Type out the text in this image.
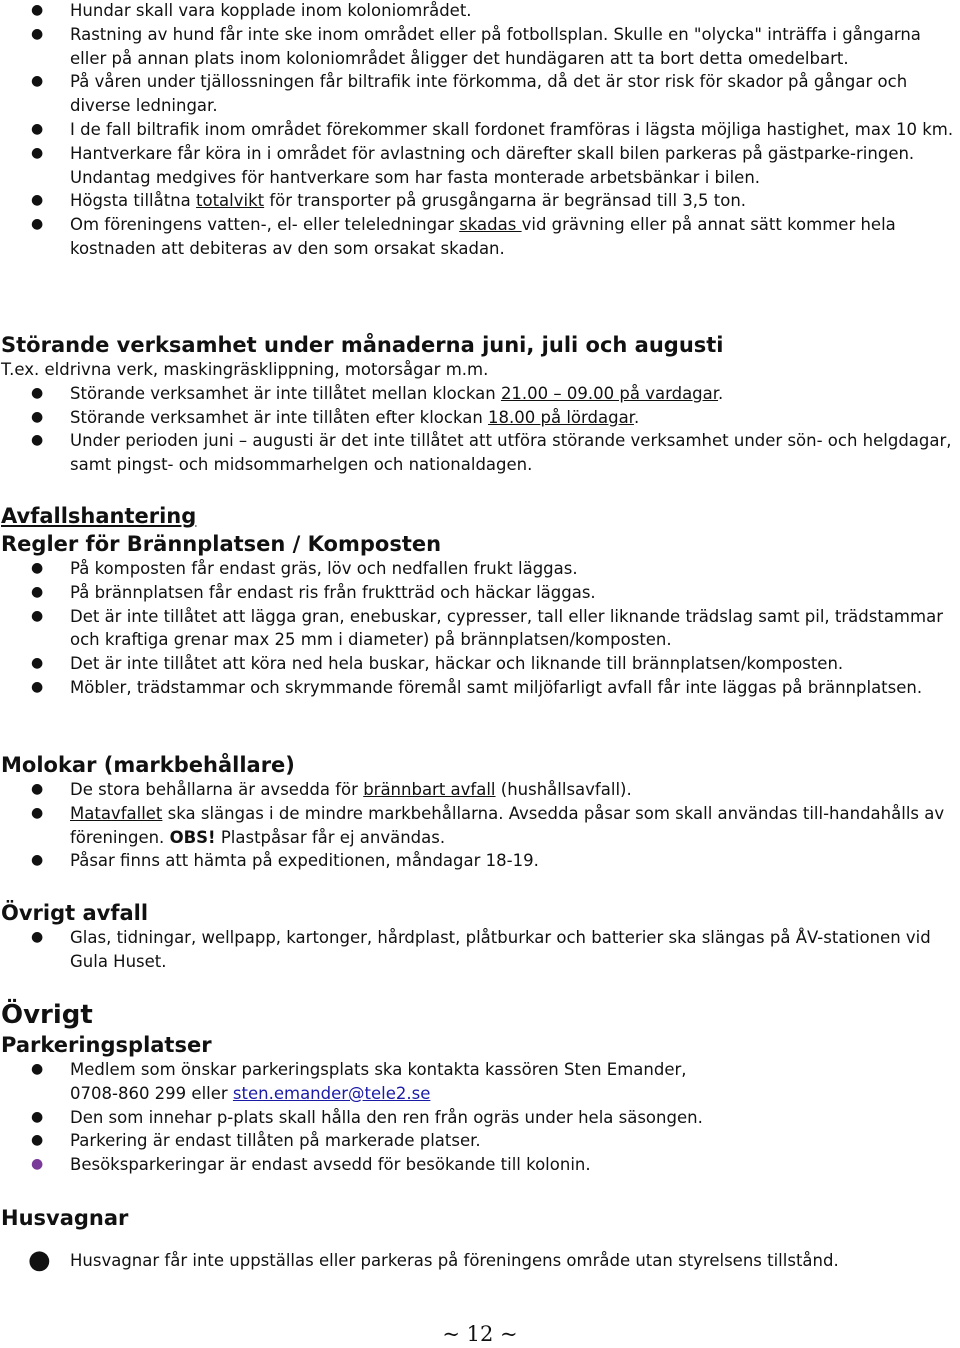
● Hundar skall vara kopplade inom koloniområdet.
● Rastning av hund får inte ske inom området eller på fotbollsplan. Skulle en "olycka" inträffa i gångarna eller på annan plats inom koloniområdet åligger det hundägaren att ta bort detta omedelbart.
● På våren under tjällossningen får biltrafik inte förkomma, då det är stor risk för skador på gångar och diverse ledningar.
● I de fall biltrafik inom området förekommer skall fordonet framföras i lägsta möjliga hastighet, max 10 km.
● Hantverkare får köra in i området för avlastning och därefter skall bilen parkeras på gästparke-ringen. Undantag medgives för hantverkare som har fasta monterade arbetsbänkar i bilen.
● Högsta tillåtna totalvikt för transporter på grusgångarna är begränsad till 3,5 ton.
● Om föreningens vatten-, el- eller teleledningar skadas vid grävning eller på annat sätt kommer hela kostnaden att debiteras av den som orsakat skadan.
Störande verksamhet under månaderna juni, juli och augusti
T.ex. eldrivna verk, maskingräsklippning, motorsågar m.m.
● Störande verksamhet är inte tillåtet mellan klockan 21.00 – 09.00 på vardagar.
● Störande verksamhet är inte tillåten efter klockan 18.00 på lördagar.
● Under perioden juni – augusti är det inte tillåtet att utföra störande verksamhet under sön- och helgdagar, samt pingst- och midsommarhelgen och nationaldagen.
Avfallshantering
Regler för Brännplatsen / Komposten
● På komposten får endast gräs, löv och nedfallen frukt läggas.
● På brännplatsen får endast ris från fruktträd och häckar läggas.
● Det är inte tillåtet att lägga gran, enebuskar, cypresser, tall eller liknande trädslag samt pil, trädstammar och kraftiga grenar max 25 mm i diameter) på brännplatsen/komposten.
● Det är inte tillåtet att köra ned hela buskar, häckar och liknande till brännplatsen/komposten.
● Möbler, trädstammar och skrymmande föremål samt miljöfarligt avfall får inte läggas på brännplatsen.
Molokar (markbehållare)
● De stora behållarna är avsedda för brännbart avfall (hushållsavfall).
● Matavfallet ska slängas i de mindre markbehållarna. Avsedda påsar som skall användas till-handahålls av föreningen. OBS! Plastpåsar får ej användas.
● Påsar finns att hämta på expeditionen, måndagar 18-19.
Övrigt avfall
● Glas, tidningar, wellpapp, kartonger, hårdplast, plåtburkar och batterier ska slängas på ÅV-stationen vid Gula Huset.
Övrigt
Parkeringsplatser
● Medlem som önskar parkeringsplats ska kontakta kassören Sten Emander,
0708-860 299 eller sten.emander@tele2.se
● Den som innehar p-plats skall hålla den ren från ogräs under hela säsongen.
● Parkering är endast tillåten på markerade platser.
● Besöksparkeringar är endast avsedd för besökande till kolonin.
Husvagnar
● Husvagnar får inte uppställas eller parkeras på föreningens område utan styrelsens tillstånd.
~ 12 ~
